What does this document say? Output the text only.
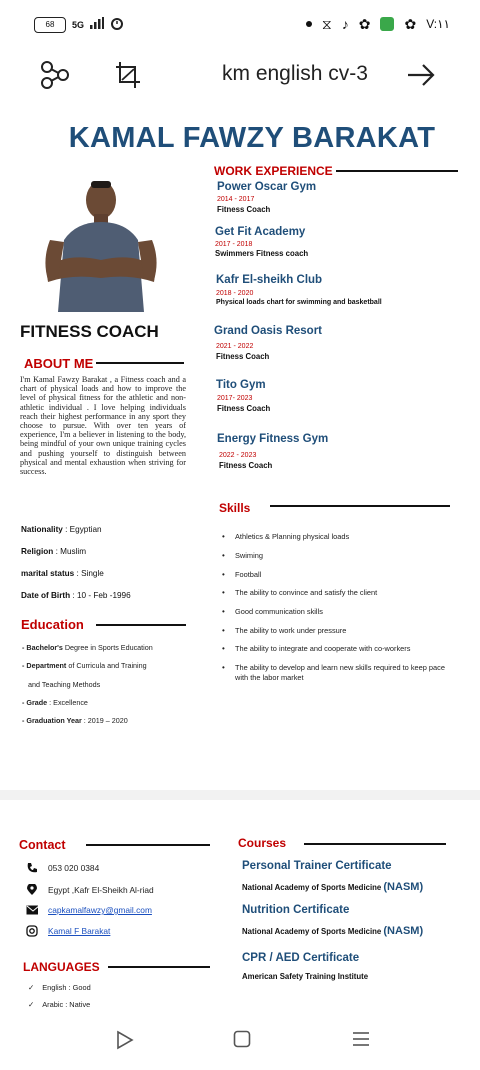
68	5G	⧖ ♪ ✿ ✿ V:١١
km english cv-3
KAMAL FAWZY BARAKAT
FITNESS COACH
ABOUT ME
I'm Kamal Fawzy Barakat , a Fitness coach and a chart of physical loads and how to improve the level of physical fitness for the athletic and non-athletic individual . I love helping individuals reach their highest performance in any sport they choose to pursue. With over ten years of experience, I'm a believer in listening to the body, being mindful of your own unique training cycles and pushing yourself to distinguish between physical and mental exhaustion when striving for success.
Nationality : Egyptian
Religion : Muslim
marital status : Single
Date of Birth : 10 - Feb -1996
Education
- Bachelor's Degree in Sports Education
- Department of Curricula and Training
and Teaching Methods
- Grade : Excellence
- Graduation Year : 2019 – 2020
WORK EXPERIENCE
Power Oscar Gym
2014 - 2017
Fitness Coach
Get Fit Academy
2017 - 2018
Swimmers Fitness coach
Kafr El-sheikh Club
2018 - 2020
Physical loads chart for swimming and basketball
Grand Oasis Resort
2021 - 2022
Fitness Coach
Tito Gym
2017- 2023
Fitness Coach
Energy Fitness Gym
2022 - 2023
Fitness Coach
Skills
• Athletics & Planning physical loads
• Swiming
• Football
• The ability to convince and satisfy the client
• Good communication skills
• The ability to work under pressure
• The ability to integrate and cooperate with co-workers
• The ability to develop and learn new skills required to keep pace with the labor market
Contact
053 020 0384
Egypt ,Kafr El-Sheikh Al-riad
capkamalfawzy@gmail.com
Kamal F Barakat
LANGUAGES
✓ English : Good
✓ Arabic : Native
Courses
Personal Trainer Certificate
National Academy of Sports Medicine (NASM)
Nutrition Certificate
National Academy of Sports Medicine (NASM)
CPR / AED Certificate
American Safety Training Institute
